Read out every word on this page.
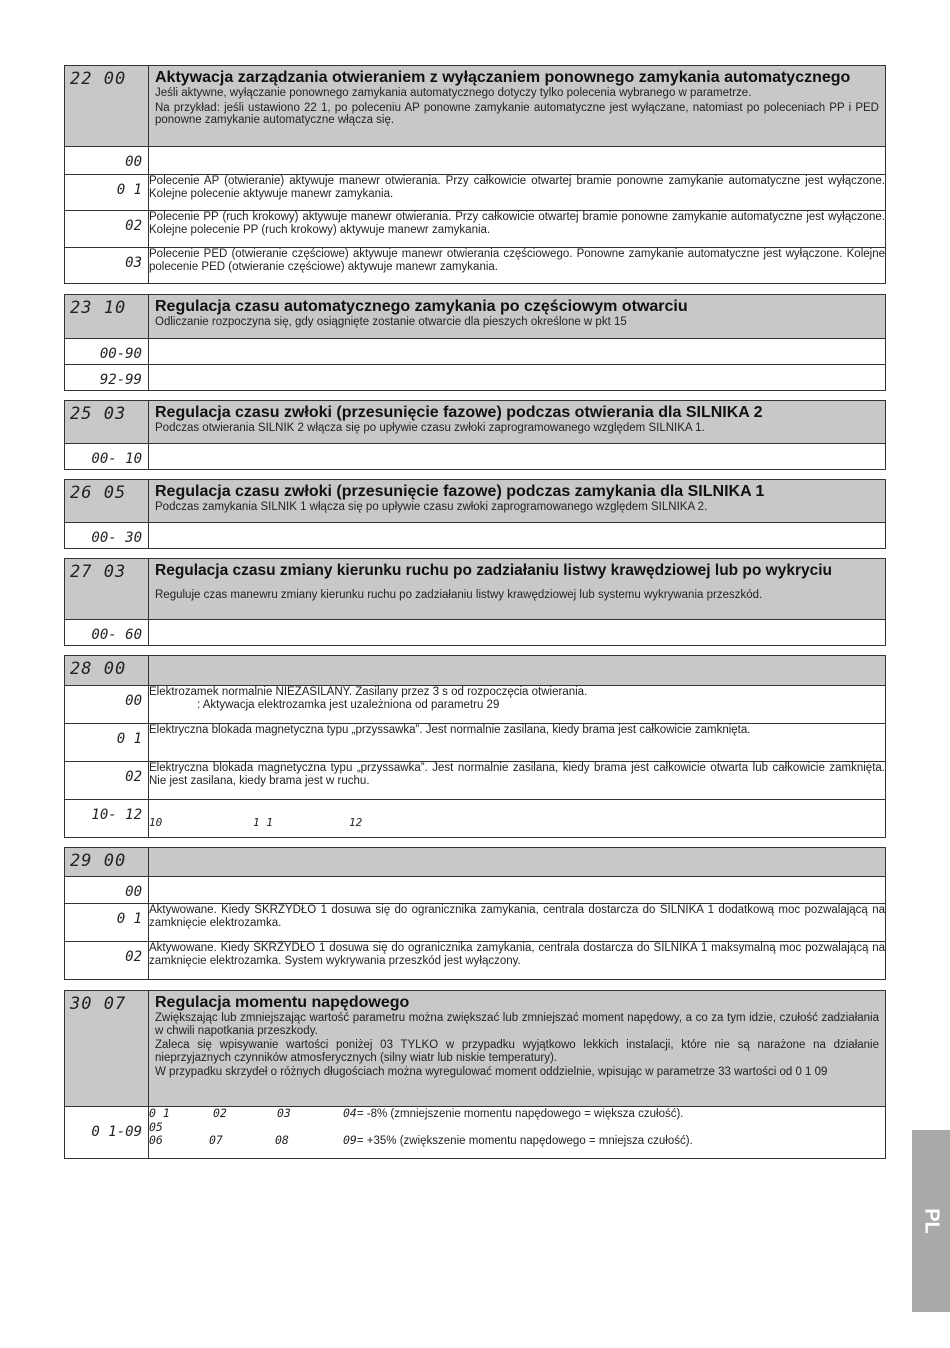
22 00	Aktywacja zarządzania otwieraniem z wyłączaniem ponownego zamykania automatycznego
Jeśli aktywne, wyłączanie ponownego zamykania automatycznego dotyczy tylko polecenia wybranego w parametrze.
Na przykład: jeśli ustawiono 22 1, po poleceniu AP ponowne zamykanie automatyczne jest wyłączane, natomiast po poleceniach PP i PED ponowne zamykanie automatyczne włącza się.

00	
0 1	Polecenie AP (otwieranie) aktywuje manewr otwierania. Przy całkowicie otwartej bramie ponowne zamykanie automatyczne jest wyłączone. Kolejne polecenie aktywuje manewr zamykania.
02	Polecenie PP (ruch krokowy) aktywuje manewr otwierania. Przy całkowicie otwartej bramie ponowne zamykanie automatyczne jest wyłączone. Kolejne polecenie PP (ruch krokowy) aktywuje manewr zamykania.
03	Polecenie PED (otwieranie częściowe) aktywuje manewr otwierania częściowego. Ponowne zamykanie automatyczne jest wyłączone. Kolejne polecenie PED (otwieranie częściowe) aktywuje manewr zamykania.
23 10	Regulacja czasu automatycznego zamykania po częściowym otwarciu
Odliczanie rozpoczyna się, gdy osiągnięte zostanie otwarcie dla pieszych określone w pkt 15

00-90	
92-99	
25 03	Regulacja czasu zwłoki (przesunięcie fazowe) podczas otwierania dla SILNIKA 2
Podczas otwierania SILNIK 2 włącza się po upływie czasu zwłoki zaprogramowanego względem SILNIKA 1.

00- 10	
26 05	Regulacja czasu zwłoki (przesunięcie fazowe) podczas zamykania dla SILNIKA 1
Podczas zamykania SILNIK 1 włącza się po upływie czasu zwłoki zaprogramowanego względem SILNIKA 2.

00- 30	
27 03	Regulacja czasu zmiany kierunku ruchu po zadziałaniu listwy krawędziowej lub po wykryciu
Reguluje czas manewru zmiany kierunku ruchu po zadziałaniu listwy krawędziowej lub systemu wykrywania przeszkód.

00- 60	
28 00	

00	Elektrozamek normalnie NIEZASILANY. Zasilany przez 3 s od rozpoczęcia otwierania.
: Aktywacja elektrozamka jest uzależniona od parametru 29

0 1	Elektryczna blokada magnetyczna typu „przyssawka”. Jest normalnie zasilana, kiedy brama jest całkowicie zamknięta.
02	Elektryczna blokada magnetyczna typu „przyssawka”. Jest normalnie zasilana, kiedy brama jest całkowicie otwarta lub całkowicie zamknięta. Nie jest zasilana, kiedy brama jest w ruchu.
10- 12	10 1 1 12
29 00	

00	
0 1	Aktywowane. Kiedy SKRZYDŁO 1 dosuwa się do ogranicznika zamykania, centrala dostarcza do SILNIKA 1 dodatkową moc pozwalającą na zamknięcie elektrozamka.
02	Aktywowane. Kiedy SKRZYDŁO 1 dosuwa się do ogranicznika zamykania, centrala dostarcza do SILNIKA 1 maksymalną moc pozwalającą na zamknięcie elektrozamka. System wykrywania przeszkód jest wyłączony.
30 07	Regulacja momentu napędowego
Zwiększając lub zmniejszając wartość parametru można zwiększać lub zmniejszać moment napędowy, a co za tym idzie, czułość zadziałania w chwili napotkania przeszkody.
Zaleca się wpisywanie wartości poniżej 03 TYLKO w przypadku wyjątkowo lekkich instalacji, które nie są narażone na działanie nieprzyjaznych czynników atmosferycznych (silny wiatr lub niskie temperatury).
W przypadku skrzydeł o różnych długościach można wyregulować moment oddzielnie, wpisując w parametrze 33 wartości od 0 1 09

0 1-09	0 1 02 03 04= -8% (zmniejszenie momentu napędowego = większa czułość).
05
06 07 08 09= +35% (zwiększenie momentu napędowego = mniejsza czułość).
PL
